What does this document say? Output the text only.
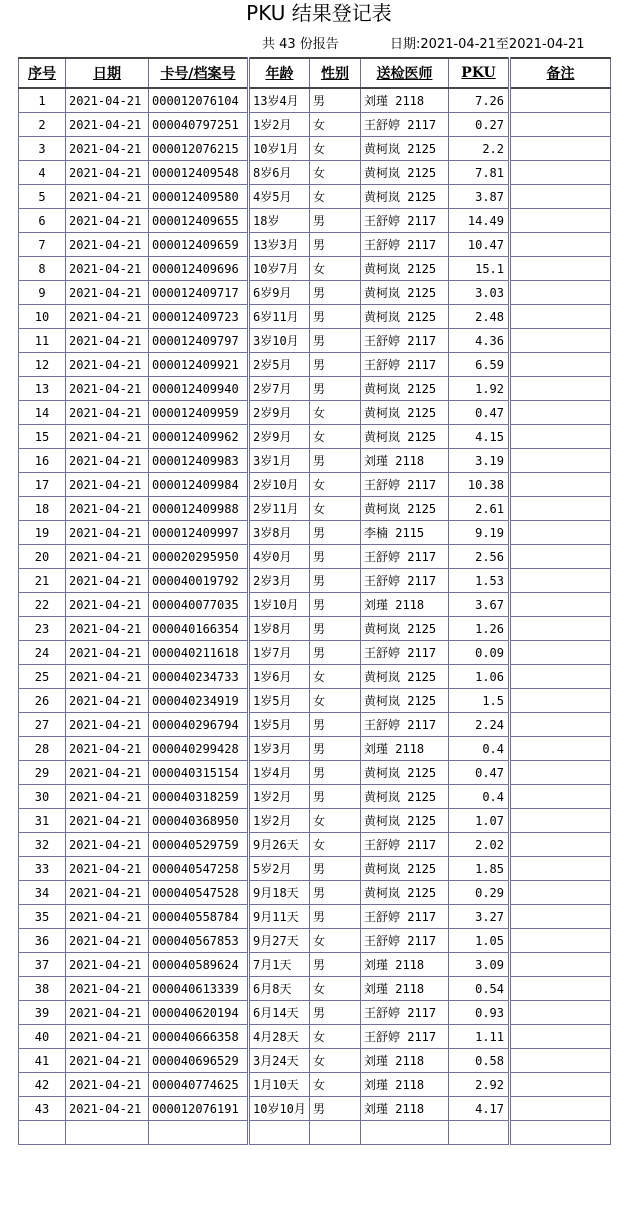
PKU 结果登记表
共 43 份报告	日期:2021-04-21至2021-04-21
序号	日期	卡号/档案号	年龄	性别	送检医师	PKU	备注
1	2021-04-21	000012076104	13岁4月	男	刘瑾 2118	7.26	
2	2021-04-21	000040797251	1岁2月	女	王舒婷 2117	0.27	
3	2021-04-21	000012076215	10岁1月	女	黄柯岚 2125	2.2	
4	2021-04-21	000012409548	8岁6月	女	黄柯岚 2125	7.81	
5	2021-04-21	000012409580	4岁5月	女	黄柯岚 2125	3.87	
6	2021-04-21	000012409655	18岁	男	王舒婷 2117	14.49	
7	2021-04-21	000012409659	13岁3月	男	王舒婷 2117	10.47	
8	2021-04-21	000012409696	10岁7月	女	黄柯岚 2125	15.1	
9	2021-04-21	000012409717	6岁9月	男	黄柯岚 2125	3.03	
10	2021-04-21	000012409723	6岁11月	男	黄柯岚 2125	2.48	
11	2021-04-21	000012409797	3岁10月	男	王舒婷 2117	4.36	
12	2021-04-21	000012409921	2岁5月	男	王舒婷 2117	6.59	
13	2021-04-21	000012409940	2岁7月	男	黄柯岚 2125	1.92	
14	2021-04-21	000012409959	2岁9月	女	黄柯岚 2125	0.47	
15	2021-04-21	000012409962	2岁9月	女	黄柯岚 2125	4.15	
16	2021-04-21	000012409983	3岁1月	男	刘瑾 2118	3.19	
17	2021-04-21	000012409984	2岁10月	女	王舒婷 2117	10.38	
18	2021-04-21	000012409988	2岁11月	女	黄柯岚 2125	2.61	
19	2021-04-21	000012409997	3岁8月	男	李楠 2115	9.19	
20	2021-04-21	000020295950	4岁0月	男	王舒婷 2117	2.56	
21	2021-04-21	000040019792	2岁3月	男	王舒婷 2117	1.53	
22	2021-04-21	000040077035	1岁10月	男	刘瑾 2118	3.67	
23	2021-04-21	000040166354	1岁8月	男	黄柯岚 2125	1.26	
24	2021-04-21	000040211618	1岁7月	男	王舒婷 2117	0.09	
25	2021-04-21	000040234733	1岁6月	女	黄柯岚 2125	1.06	
26	2021-04-21	000040234919	1岁5月	女	黄柯岚 2125	1.5	
27	2021-04-21	000040296794	1岁5月	男	王舒婷 2117	2.24	
28	2021-04-21	000040299428	1岁3月	男	刘瑾 2118	0.4	
29	2021-04-21	000040315154	1岁4月	男	黄柯岚 2125	0.47	
30	2021-04-21	000040318259	1岁2月	男	黄柯岚 2125	0.4	
31	2021-04-21	000040368950	1岁2月	女	黄柯岚 2125	1.07	
32	2021-04-21	000040529759	9月26天	女	王舒婷 2117	2.02	
33	2021-04-21	000040547258	5岁2月	男	黄柯岚 2125	1.85	
34	2021-04-21	000040547528	9月18天	男	黄柯岚 2125	0.29	
35	2021-04-21	000040558784	9月11天	男	王舒婷 2117	3.27	
36	2021-04-21	000040567853	9月27天	女	王舒婷 2117	1.05	
37	2021-04-21	000040589624	7月1天	男	刘瑾 2118	3.09	
38	2021-04-21	000040613339	6月8天	女	刘瑾 2118	0.54	
39	2021-04-21	000040620194	6月14天	男	王舒婷 2117	0.93	
40	2021-04-21	000040666358	4月28天	女	王舒婷 2117	1.11	
41	2021-04-21	000040696529	3月24天	女	刘瑾 2118	0.58	
42	2021-04-21	000040774625	1月10天	女	刘瑾 2118	2.92	
43	2021-04-21	000012076191	10岁10月	男	刘瑾 2118	4.17	
